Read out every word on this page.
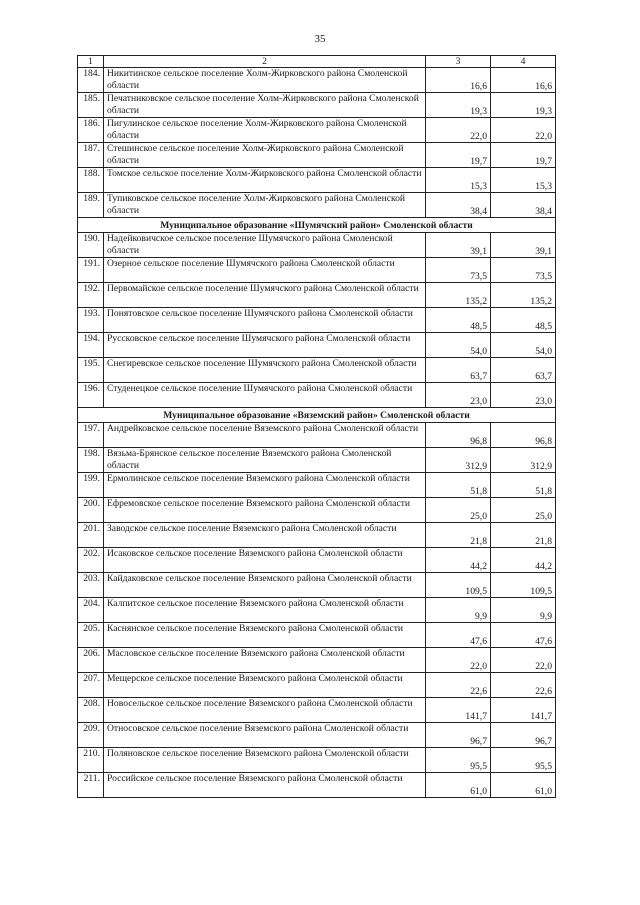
35
1	2	3	4
184.	Никитинское сельское поселение Холм-Жирковского района Смоленской области	16,6	16,6
185.	Печатниковское сельское поселение Холм-Жирковского района Смоленской области	19,3	19,3
186.	Пигулинское сельское поселение Холм-Жирковского района Смоленской области	22,0	22,0
187.	Стешинское сельское поселение Холм-Жирковского района Смоленской области	19,7	19,7
188.	Томское сельское поселение Холм-Жирковского района Смоленской области	15,3	15,3
189.	Тупиковское сельское поселение Холм-Жирковского района Смоленской области	38,4	38,4
Муниципальное образование «Шумячский район» Смоленской области			
190.	Надейковичское сельское поселение Шумячского района Смоленской области	39,1	39,1
191.	Озерное сельское поселение Шумячского района Смоленской области	73,5	73,5
192.	Первомайское сельское поселение Шумячского района Смоленской области	135,2	135,2
193.	Понятовское сельское поселение Шумячского района Смоленской области	48,5	48,5
194.	Руссковское сельское поселение Шумячского района Смоленской области	54,0	54,0
195.	Снегиревское сельское поселение Шумячского района Смоленской области	63,7	63,7
196.	Студенецкое сельское поселение Шумячского района Смоленской области	23,0	23,0
Муниципальное образование «Вяземский район» Смоленской области			
197.	Андрейковское сельское поселение Вяземского района Смоленской области	96,8	96,8
198.	Вязьма-Брянское сельское поселение Вяземского района Смоленской области	312,9	312,9
199.	Ермолинское сельское поселение Вяземского района Смоленской области	51,8	51,8
200.	Ефремовское сельское поселение Вяземского района Смоленской области	25,0	25,0
201.	Заводское сельское поселение Вяземского района Смоленской области	21,8	21,8
202.	Исаковское сельское поселение Вяземского района Смоленской области	44,2	44,2
203.	Кайдаковское сельское поселение Вяземского района Смоленской области	109,5	109,5
204.	Калпитское сельское поселение Вяземского района Смоленской области	9,9	9,9
205.	Каснянское сельское поселение Вяземского района Смоленской области	47,6	47,6
206.	Масловское сельское поселение Вяземского района Смоленской области	22,0	22,0
207.	Мещерское сельское поселение Вяземского района Смоленской области	22,6	22,6
208.	Новосельское сельское поселение Вяземского района Смоленской области	141,7	141,7
209.	Относовское сельское поселение Вяземского района Смоленской области	96,7	96,7
210.	Поляновское сельское поселение Вяземского района Смоленской области	95,5	95,5
211.	Российское сельское поселение Вяземского района Смоленской области	61,0	61,0
